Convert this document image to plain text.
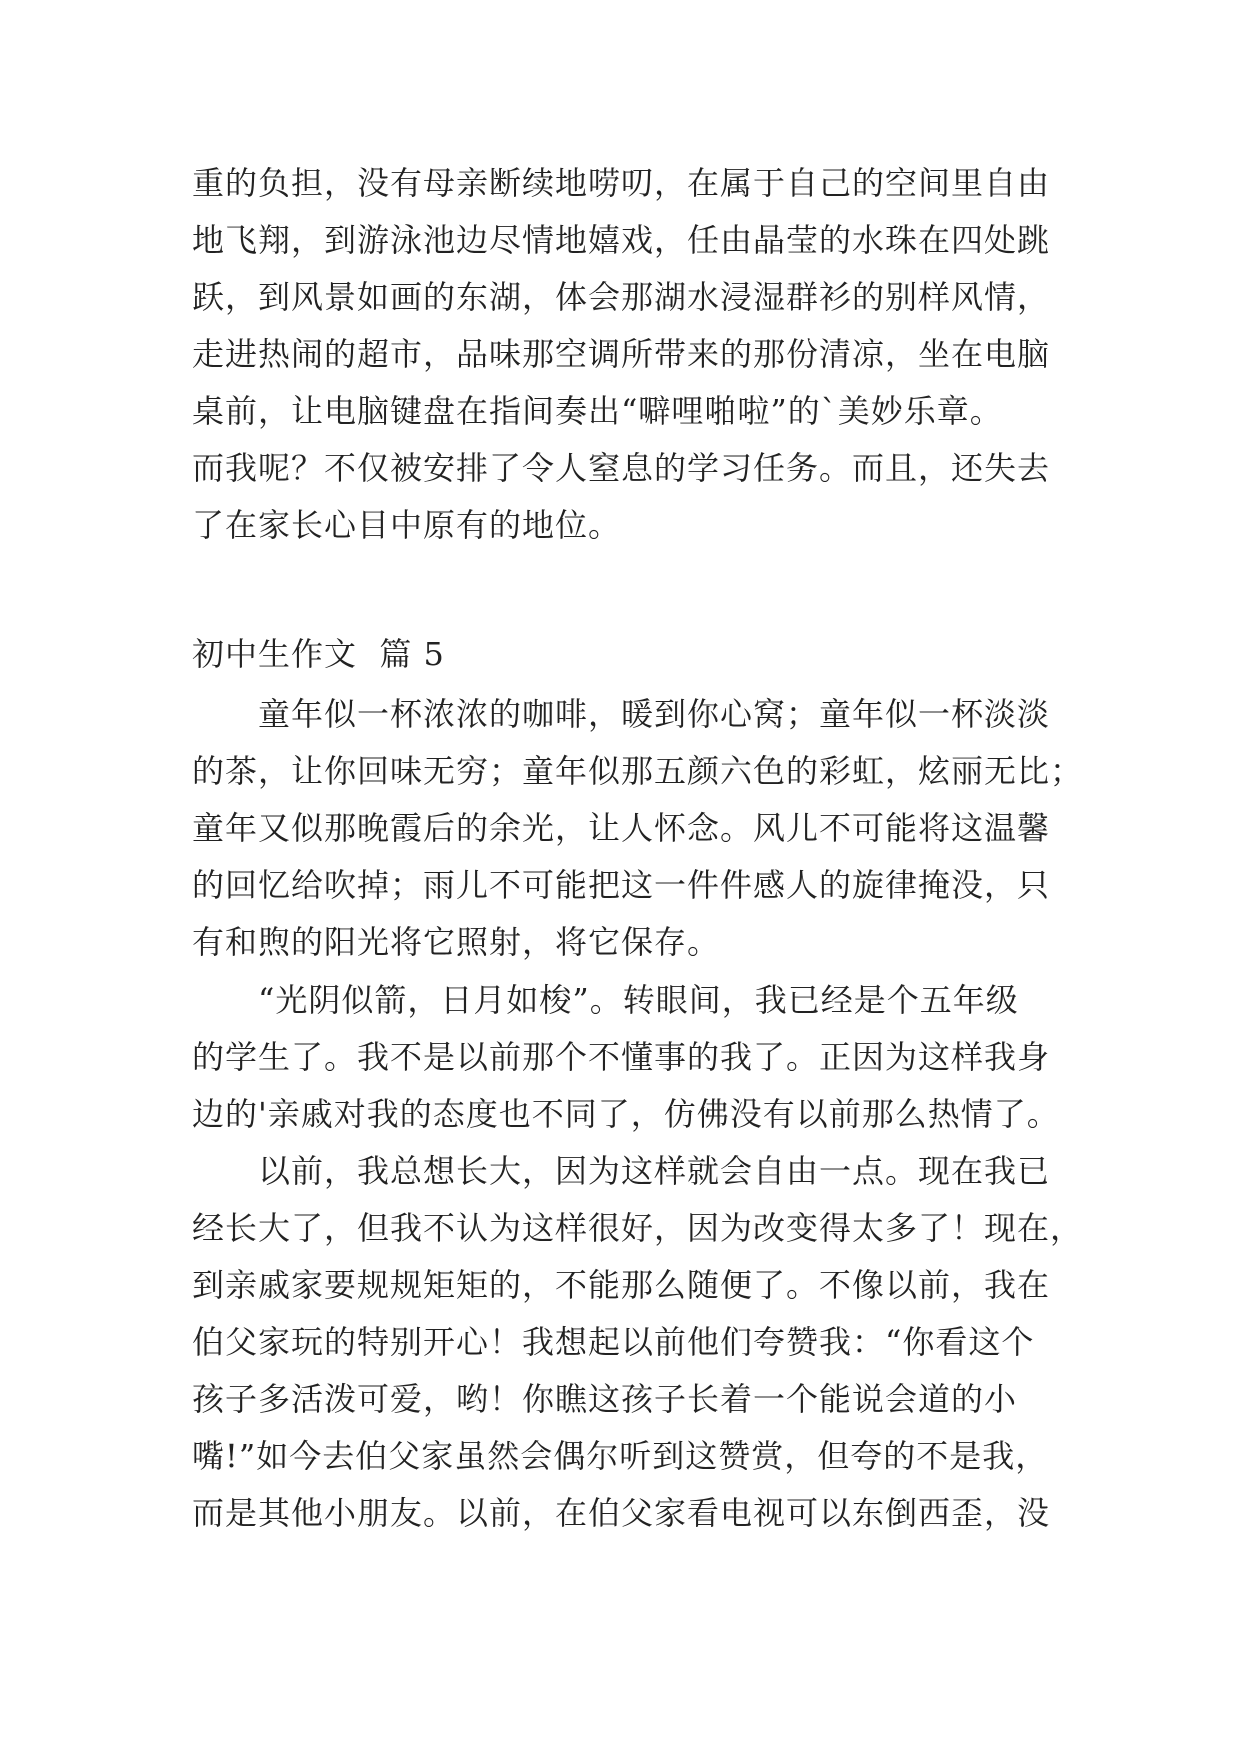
重的负担，没有母亲断续地唠叨，在属于自己的空间里自由
地飞翔，到游泳池边尽情地嬉戏，任由晶莹的水珠在四处跳
跃，到风景如画的东湖，体会那湖水浸湿群衫的别样风情，
走进热闹的超市，品味那空调所带来的那份清凉，坐在电脑
桌前，让电脑键盘在指间奏出“噼哩啪啦”的`美妙乐章。
而我呢？不仅被安排了令人窒息的学习任务。而且，还失去
了在家长心目中原有的地位。
初中生作文  篇 5
童年似一杯浓浓的咖啡，暖到你心窝；童年似一杯淡淡
的茶，让你回味无穷；童年似那五颜六色的彩虹，炫丽无比；
童年又似那晚霞后的余光，让人怀念。风儿不可能将这温馨
的回忆给吹掉；雨儿不可能把这一件件感人的旋律掩没，只
有和煦的阳光将它照射，将它保存。
“光阴似箭，日月如梭”。转眼间，我已经是个五年级
的学生了。我不是以前那个不懂事的我了。正因为这样我身
边的'亲戚对我的态度也不同了，仿佛没有以前那么热情了。
以前，我总想长大，因为这样就会自由一点。现在我已
经长大了，但我不认为这样很好，因为改变得太多了！现在，
到亲戚家要规规矩矩的，不能那么随便了。不像以前，我在
伯父家玩的特别开心！我想起以前他们夸赞我：“你看这个
孩子多活泼可爱，哟！你瞧这孩子长着一个能说会道的小
嘴!”如今去伯父家虽然会偶尔听到这赞赏，但夸的不是我，
而是其他小朋友。以前，在伯父家看电视可以东倒西歪，没
